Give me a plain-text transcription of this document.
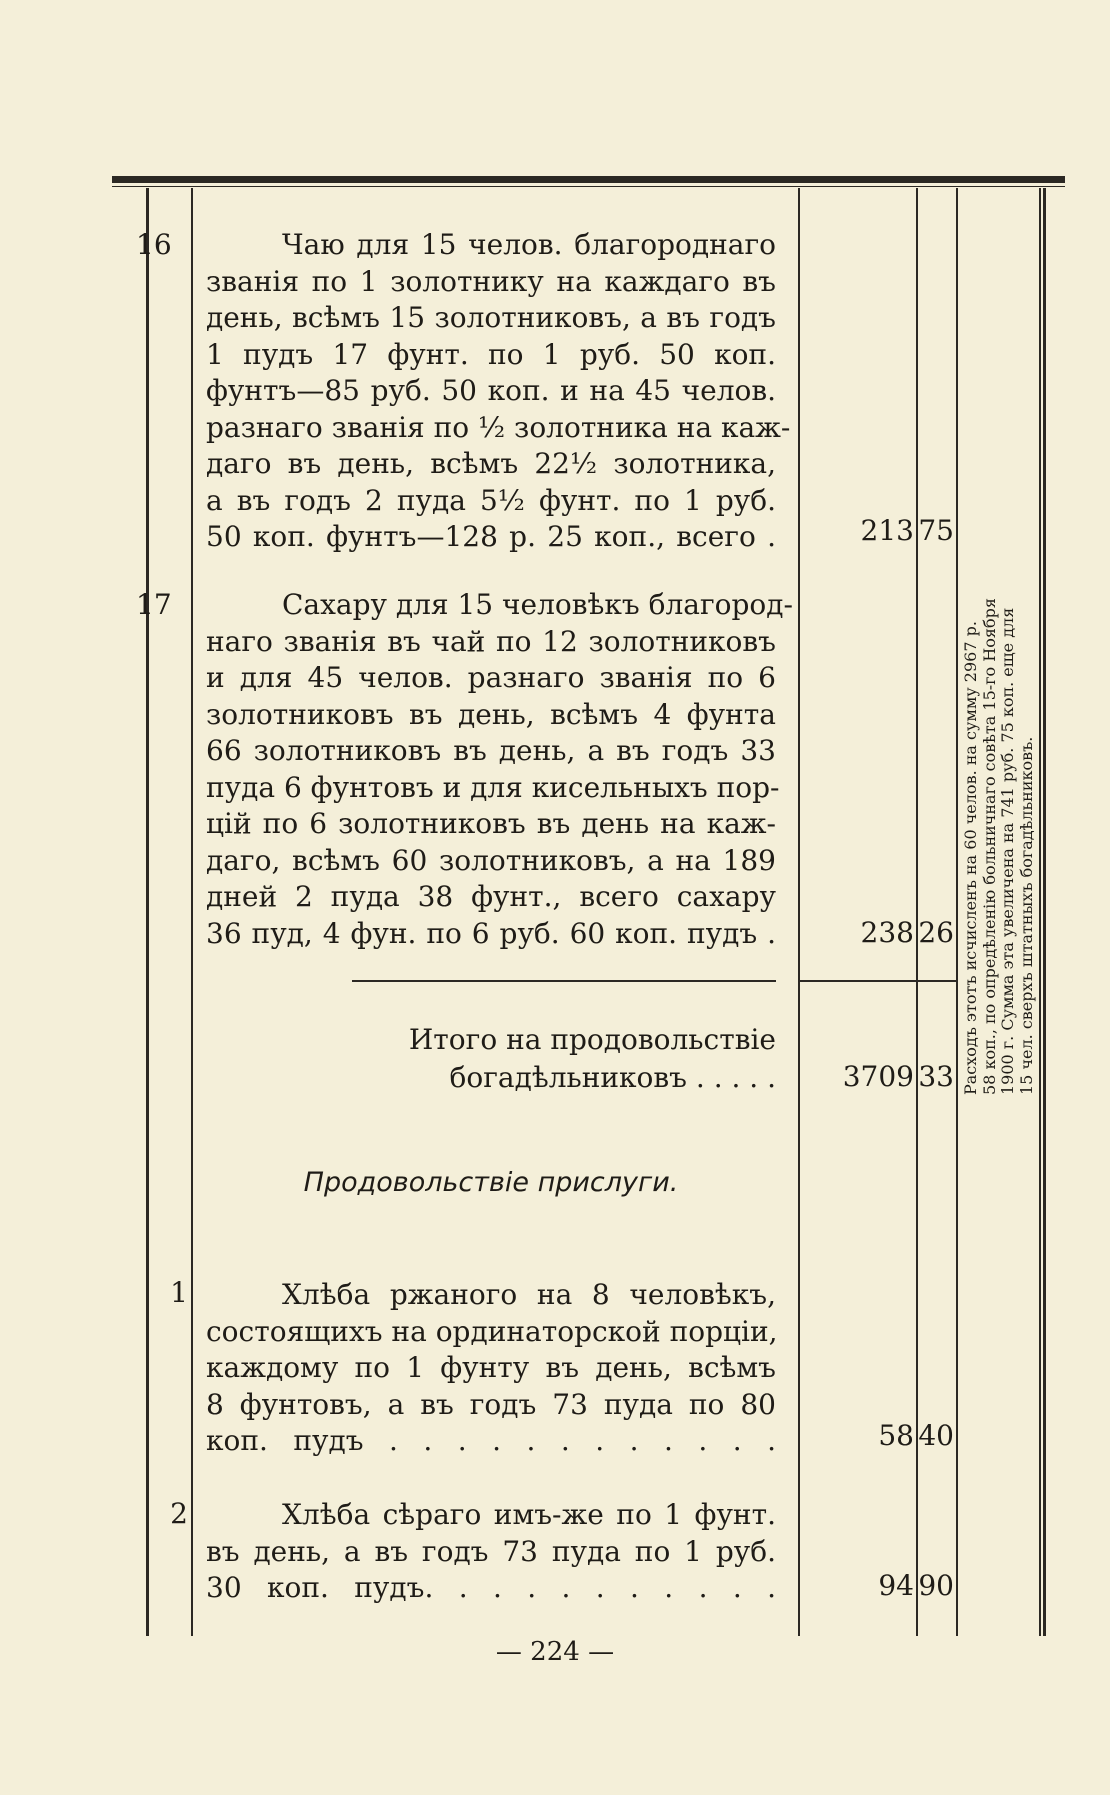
16	Чаю для 15 челов. благороднаго
званія по 1 золотнику на каждаго въ
день, всѣмъ 15 золотниковъ, а въ годъ
1 пудъ 17 фунт. по 1 руб. 50 коп.
фунтъ—85 руб. 50 коп. и на 45 челов.
разнаго званія по ½ золотника на каж-
даго въ день, всѣмъ 22½ золотника,
а въ годъ 2 пуда 5½ фунт. по 1 руб.
50 коп. фунтъ—128 р. 25 коп., всего .	213 75
17	Сахару для 15 человѣкъ благород-
наго званія въ чай по 12 золотниковъ
и для 45 челов. разнаго званія по 6
золотниковъ въ день, всѣмъ 4 фунта
66 золотниковъ въ день, а въ годъ 33
пуда 6 фунтовъ и для кисельныхъ пор-
цій по 6 золотниковъ въ день на каж-
даго, всѣмъ 60 золотниковъ, а на 189
дней 2 пуда 38 фунт., всего сахару
36 пуд, 4 фун. по 6 руб. 60 коп. пудъ .	238 26
Итого на продовольствіе
богадѣльниковъ . . . . .	3709 33
Продовольствіе прислуги.
1	Хлѣба ржаного на 8 человѣкъ,
состоящихъ на ординаторской порціи,
каждому по 1 фунту въ день, всѣмъ
8 фунтовъ, а въ годъ 73 пуда по 80
коп. пудъ . . . . . . . . . . . .	58 40
2	Хлѣба сѣраго имъ-же по 1 фунт.
въ день, а въ годъ 73 пуда по 1 руб.
30 коп. пудъ. . . . . . . . . . .	94 90
Расходъ этотъ исчисленъ на 60 челов. на сумму 2967 р. 58 коп., по опредѣленію больничнаго совѣта 15-го Ноября 1900 г. Сумма эта увеличена на 741 руб. 75 коп. еще для 15 чел. сверхъ штатныхъ богадѣльниковъ.
— 224 —
